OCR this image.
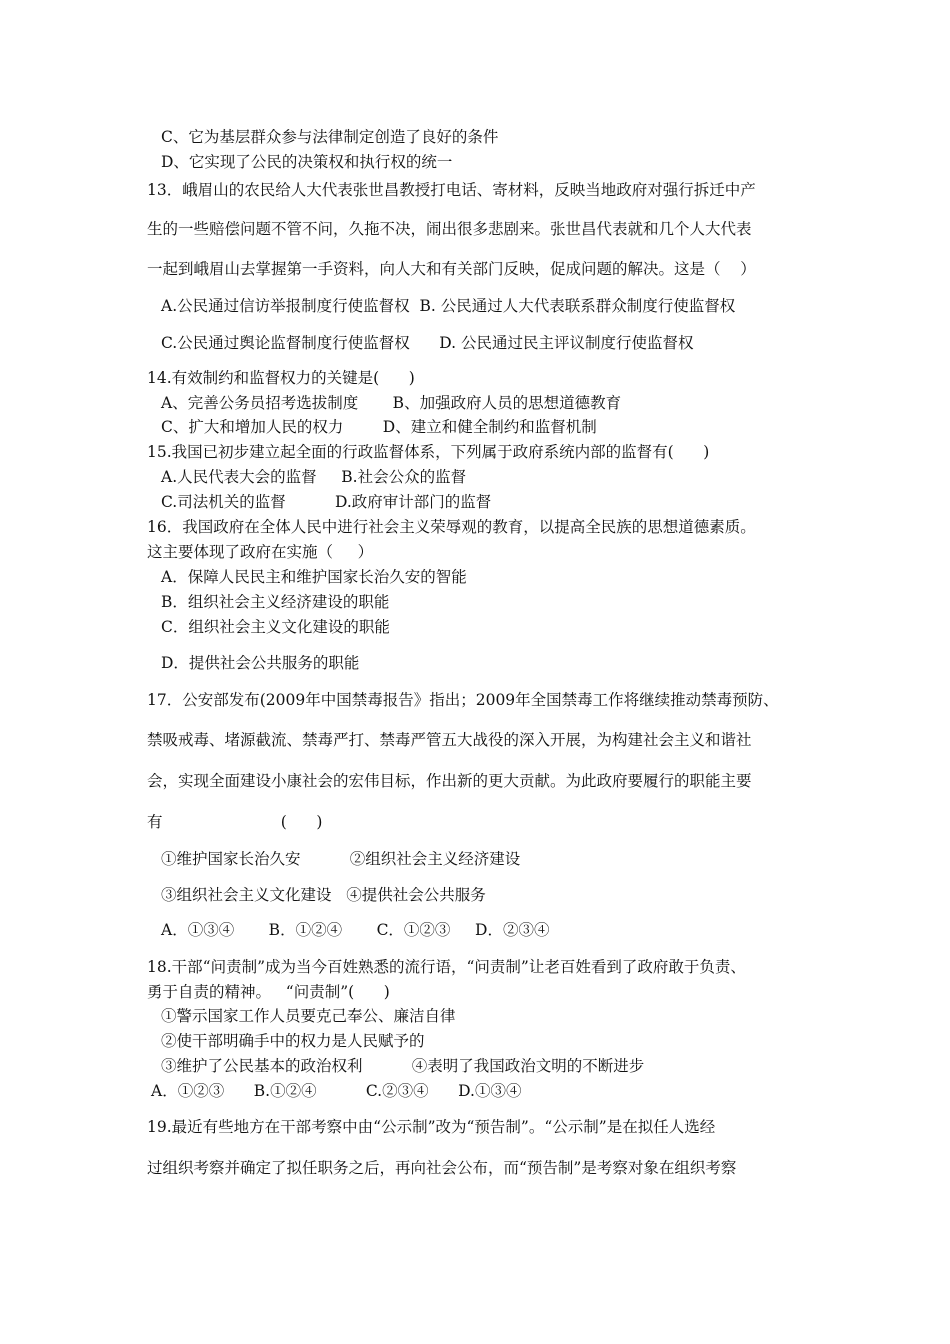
C、它为基层群众参与法律制定创造了良好的条件
D、它实现了公民的决策权和执行权的统一
13．峨眉山的农民给人大代表张世昌教授打电话、寄材料，反映当地政府对强行拆迁中产
生的一些赔偿问题不管不问，久拖不决，闹出很多悲剧来。张世昌代表就和几个人大代表
一起到峨眉山去掌握第一手资料，向人大和有关部门反映，促成问题的解决。这是（    ）
A.公民通过信访举报制度行使监督权  B. 公民通过人大代表联系群众制度行使监督权
C.公民通过舆论监督制度行使监督权      D. 公民通过民主评议制度行使监督权
14.有效制约和监督权力的关键是(      )
A、完善公务员招考选拔制度       B、加强政府人员的思想道德教育
C、扩大和增加人民的权力        D、建立和健全制约和监督机制
15.我国已初步建立起全面的行政监督体系，下列属于政府系统内部的监督有(      )
A.人民代表大会的监督     B.社会公众的监督
C.司法机关的监督          D.政府审计部门的监督
16．我国政府在全体人民中进行社会主义荣辱观的教育，以提高全民族的思想道德素质。
这主要体现了政府在实施（     ）
A．保障人民民主和维护国家长治久安的智能
B．组织社会主义经济建设的职能
C．组织社会主义文化建设的职能
D．提供社会公共服务的职能
17．公安部发布(2009年中国禁毒报告》指出；2009年全国禁毒工作将继续推动禁毒预防、
禁吸戒毒、堵源截流、禁毒严打、禁毒严管五大战役的深入开展，为构建社会主义和谐社
会，实现全面建设小康社会的宏伟目标，作出新的更大贡献。为此政府要履行的职能主要
有                        (      )
①维护国家长治久安          ②组织社会主义经济建设
③组织社会主义文化建设   ④提供社会公共服务
A．①③④       B．①②④       C．①②③     D．②③④
18.干部“问责制”成为当今百姓熟悉的流行语，“问责制”让老百姓看到了政府敢于负责、
勇于自责的精神。   “问责制”(      )
①警示国家工作人员要克己奉公、廉洁自律
②使干部明确手中的权力是人民赋予的
③维护了公民基本的政治权利          ④表明了我国政治文明的不断进步
A．①②③      B.①②④          C.②③④      D.①③④
19.最近有些地方在干部考察中由“公示制”改为“预告制”。“公示制”是在拟任人选经
过组织考察并确定了拟任职务之后，再向社会公布，而“预告制”是考察对象在组织考察
